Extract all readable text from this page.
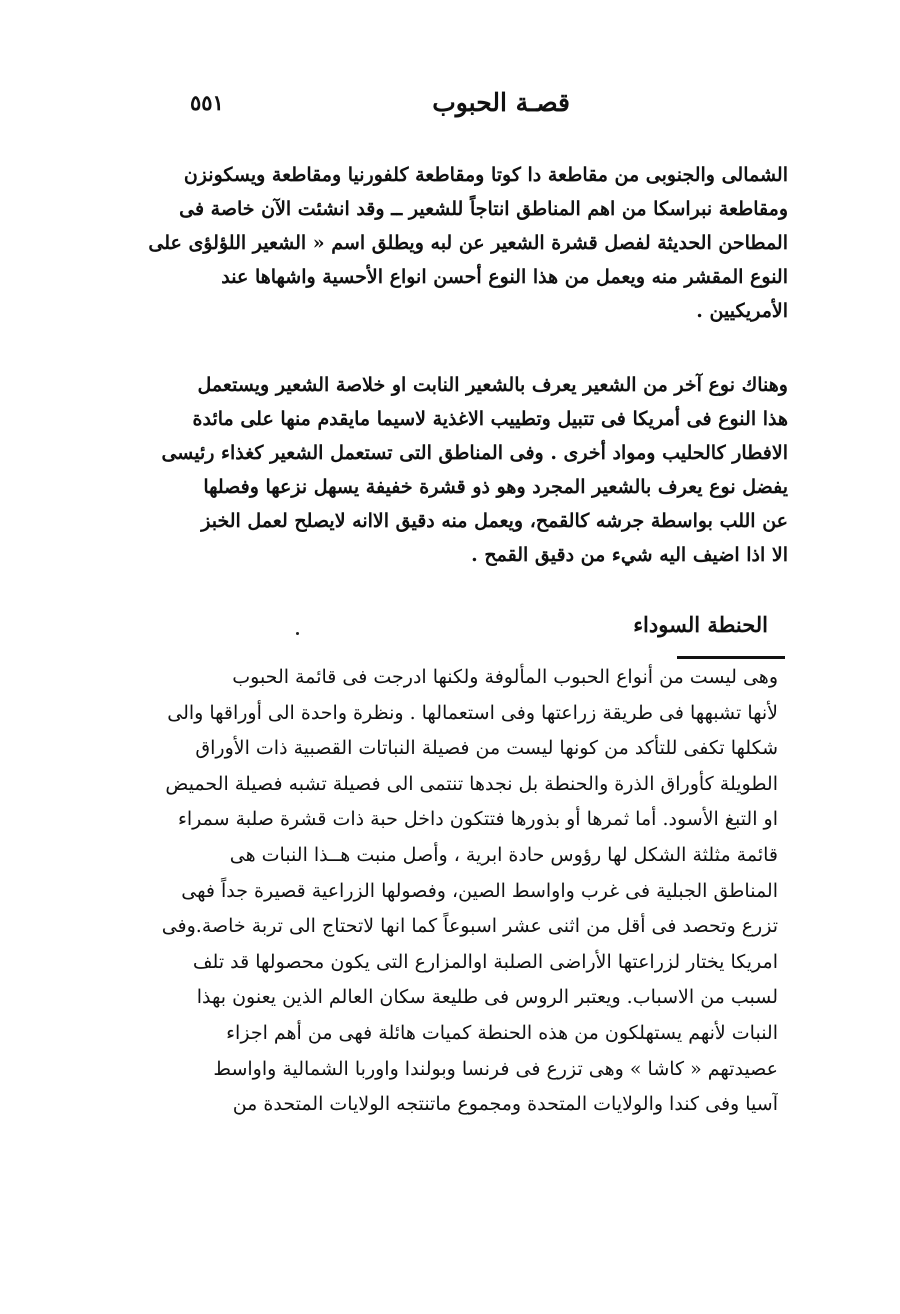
قصـة الحبوب
٥٥١
الشمالى والجنوبى من مقاطعة دا كوتا ومقاطعة كلفورنيا ومقاطعة ويسكونزن
ومقاطعة نبراسكا من اهم المناطق انتاجاً للشعير ــ وقد انشئت الآن خاصة فى
المطاحن الحديثة لفصل قشرة الشعير عن لبه ويطلق اسم « الشعير اللؤلؤى على
النوع المقشر منه ويعمل من هذا النوع أحسن انواع الأحسية واشهاها عند
الأمريكيين .
وهناك نوع آخر من الشعير يعرف بالشعير النابت او خلاصة الشعير ويستعمل
هذا النوع فى أمريكا فى تتبيل وتطييب الاغذية لاسيما مايقدم منها على مائدة
الافطار كالحليب ومواد أخرى . وفى المناطق التى تستعمل الشعير كغذاء رئيسى
يفضل نوع يعرف بالشعير المجرد وهو ذو قشرة خفيفة يسهل نزعها وفصلها
عن اللب بواسطة جرشه كالقمح، ويعمل منه دقيق الاانه لايصلح لعمل الخبز
الا اذا اضيف اليه شيء من دقيق القمح .
الحنطة السوداء
وهى ليست من أنواع الحبوب المألوفة ولكنها ادرجت فى قائمة الحبوب
لأنها تشبهها فى طريقة زراعتها وفى استعمالها . ونظرة واحدة الى أوراقها والى
شكلها تكفى للتأكد من كونها ليست من فصيلة النباتات القصبية ذات الأوراق
الطويلة كأوراق الذرة والحنطة بل نجدها تنتمى الى فصيلة تشبه فصيلة الحميض
او التبغ الأسود. أما ثمرها أو بذورها فتتكون داخل حبة ذات قشرة صلبة سمراء
قائمة مثلثة الشكل لها رؤوس حادة ابرية ، وأصل منبت هــذا النبات هى
المناطق الجبلية فى غرب واواسط الصين، وفصولها الزراعية قصيرة جداً فهى
تزرع وتحصد فى أقل من اثنى عشر اسبوعاً كما انها لاتحتاج الى تربة خاصة.وفى
امريكا يختار لزراعتها الأراضى الصلبة اوالمزارع التى يكون محصولها قد تلف
لسبب من الاسباب. ويعتبر الروس فى طليعة سكان العالم الذين يعنون بهذا
النبات لأنهم يستهلكون من هذه الحنطة كميات هائلة فهى من أهم اجزاء
عصيدتهم « كاشا » وهى تزرع فى فرنسا وبولندا واوربا الشمالية واواسط
آسيا وفى كندا والولايات المتحدة ومجموع ماتنتجه الولايات المتحدة من
